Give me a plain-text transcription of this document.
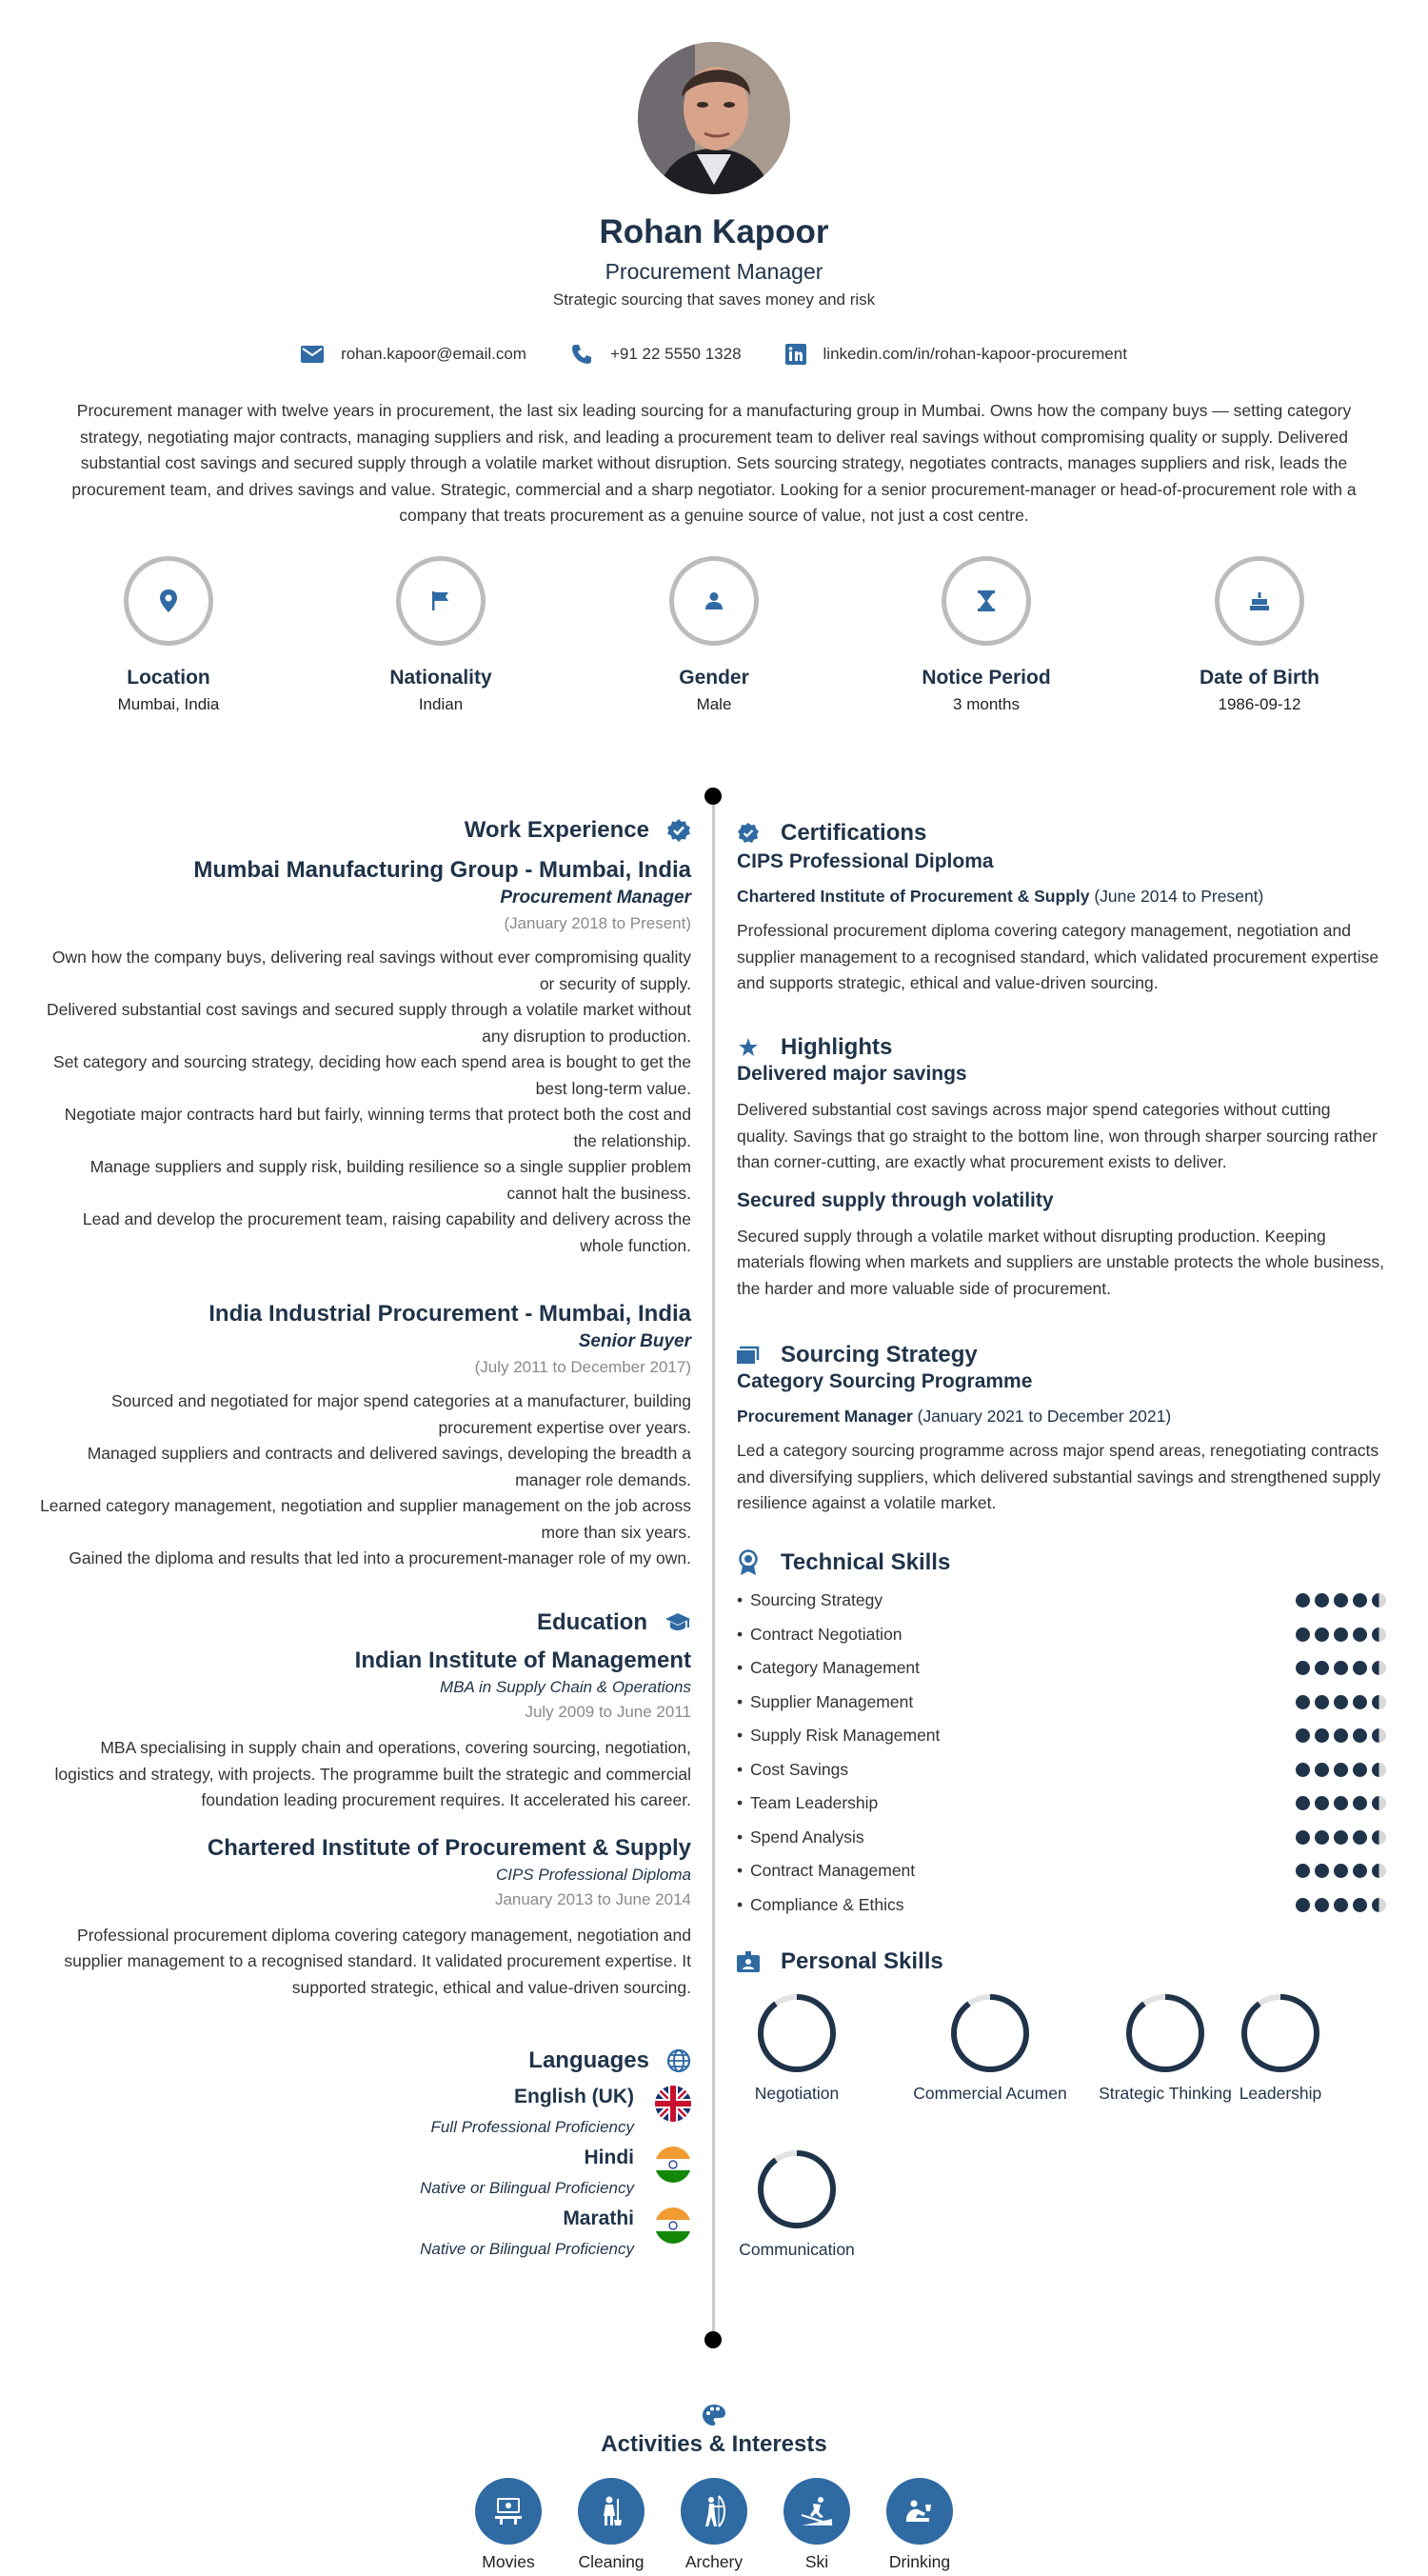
Rohan Kapoor
Procurement Manager
Strategic sourcing that saves money and risk
rohan.kapoor@email.com	+91 22 5550 1328	linkedin.com/in/rohan-kapoor-procurement
Procurement manager with twelve years in procurement, the last six leading sourcing for a manufacturing group in Mumbai. Owns how the company buys — setting category strategy, negotiating major contracts, managing suppliers and risk, and leading a procurement team to deliver real savings without compromising quality or supply. Delivered substantial cost savings and secured supply through a volatile market without disruption. Sets sourcing strategy, negotiates contracts, manages suppliers and risk, leads the procurement team, and drives savings and value. Strategic, commercial and a sharp negotiator. Looking for a senior procurement-manager or head-of-procurement role with a company that treats procurement as a genuine source of value, not just a cost centre.
Location
Mumbai, India
Nationality
Indian
Gender
Male
Notice Period
3 months
Date of Birth
1986-09-12
Work Experience
Mumbai Manufacturing Group - Mumbai, India
Procurement Manager
(January 2018 to Present)
Own how the company buys, delivering real savings without ever compromising quality or security of supply.
Delivered substantial cost savings and secured supply through a volatile market without any disruption to production.
Set category and sourcing strategy, deciding how each spend area is bought to get the best long-term value.
Negotiate major contracts hard but fairly, winning terms that protect both the cost and the relationship.
Manage suppliers and supply risk, building resilience so a single supplier problem cannot halt the business.
Lead and develop the procurement team, raising capability and delivery across the whole function.
India Industrial Procurement - Mumbai, India
Senior Buyer
(July 2011 to December 2017)
Sourced and negotiated for major spend categories at a manufacturer, building procurement expertise over years.
Managed suppliers and contracts and delivered savings, developing the breadth a manager role demands.
Learned category management, negotiation and supplier management on the job across more than six years.
Gained the diploma and results that led into a procurement-manager role of my own.
Education
Indian Institute of Management
MBA in Supply Chain & Operations
July 2009 to June 2011
MBA specialising in supply chain and operations, covering sourcing, negotiation, logistics and strategy, with projects. The programme built the strategic and commercial foundation leading procurement requires. It accelerated his career.
Chartered Institute of Procurement & Supply
CIPS Professional Diploma
January 2013 to June 2014
Professional procurement diploma covering category management, negotiation and supplier management to a recognised standard. It validated procurement expertise. It supported strategic, ethical and value-driven sourcing.
Languages
English (UK)
Full Professional Proficiency
Hindi
Native or Bilingual Proficiency
Marathi
Native or Bilingual Proficiency
Certifications
CIPS Professional Diploma
Chartered Institute of Procurement & Supply (June 2014 to Present)
Professional procurement diploma covering category management, negotiation and supplier management to a recognised standard, which validated procurement expertise and supports strategic, ethical and value-driven sourcing.
Highlights
Delivered major savings
Delivered substantial cost savings across major spend categories without cutting quality. Savings that go straight to the bottom line, won through sharper sourcing rather than corner-cutting, are exactly what procurement exists to deliver.
Secured supply through volatility
Secured supply through a volatile market without disrupting production. Keeping materials flowing when markets and suppliers are unstable protects the whole business, the harder and more valuable side of procurement.
Sourcing Strategy
Category Sourcing Programme
Procurement Manager (January 2021 to December 2021)
Led a category sourcing programme across major spend areas, renegotiating contracts and diversifying suppliers, which delivered substantial savings and strengthened supply resilience against a volatile market.
Technical Skills
• Sourcing Strategy
• Contract Negotiation
• Category Management
• Supplier Management
• Supply Risk Management
• Cost Savings
• Team Leadership
• Spend Analysis
• Contract Management
• Compliance & Ethics
Personal Skills
Negotiation	Commercial Acumen	Strategic Thinking Leadership
Communication
Activities & Interests
Movies	Cleaning Archery	Ski	Drinking
